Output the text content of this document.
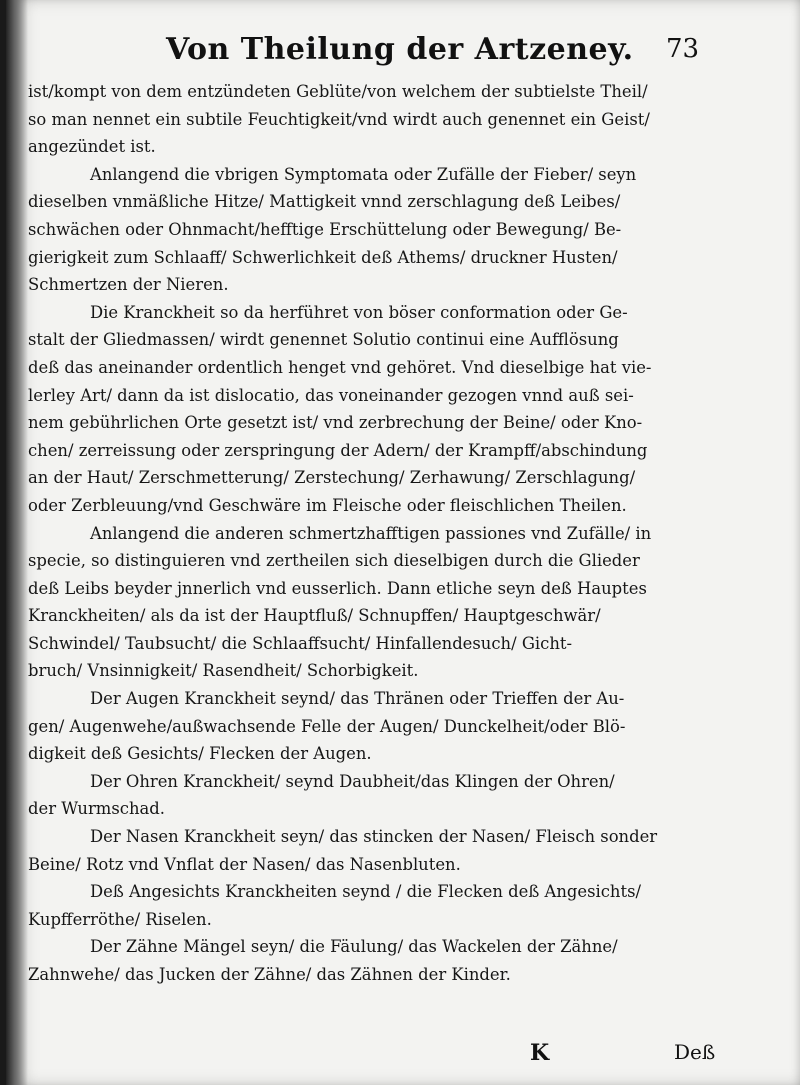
Von Theilung der Artzeney. 73
ist/kompt von dem entzündeten Geblüte/von welchem der subtielste Theil/
so man nennet ein subtile Feuchtigkeit/vnd wirdt auch genennet ein Geist/
angezündet ist.
Anlangend die vbrigen Symptomata oder Zufälle der Fieber/ seyn
dieselben vnmäßliche Hitze/ Mattigkeit vnnd zerschlagung deß Leibes/
schwächen oder Ohnmacht/hefftige Erschüttelung oder Bewegung/ Be-
gierigkeit zum Schlaaff/ Schwerlichkeit deß Athems/ druckner Husten/
Schmertzen der Nieren.
Die Kranckheit so da herführet von böser conformation oder Ge-
stalt der Gliedmassen/ wirdt genennet Solutio continui eine Aufflösung
deß das aneinander ordentlich henget vnd gehöret. Vnd dieselbige hat vie-
lerley Art/ dann da ist dislocatio, das voneinander gezogen vnnd auß sei-
nem gebührlichen Orte gesetzt ist/ vnd zerbrechung der Beine/ oder Kno-
chen/ zerreissung oder zerspringung der Adern/ der Krampff/abschindung
an der Haut/ Zerschmetterung/ Zerstechung/ Zerhawung/ Zerschlagung/
oder Zerbleuung/vnd Geschwäre im Fleische oder fleischlichen Theilen.
Anlangend die anderen schmertzhafftigen passiones vnd Zufälle/ in
specie, so distinguieren vnd zertheilen sich dieselbigen durch die Glieder
deß Leibs beyder jnnerlich vnd eusserlich. Dann etliche seyn deß Hauptes
Kranckheiten/ als da ist der Hauptfluß/ Schnupffen/ Hauptgeschwär/
Schwindel/ Taubsucht/ die Schlaaffsucht/ Hinfallendesuch/ Gicht-
bruch/ Vnsinnigkeit/ Rasendheit/ Schorbigkeit.
Der Augen Kranckheit seynd/ das Thränen oder Trieffen der Au-
gen/ Augenwehe/außwachsende Felle der Augen/ Dunckelheit/oder Blö-
digkeit deß Gesichts/ Flecken der Augen.
Der Ohren Kranckheit/ seynd Daubheit/das Klingen der Ohren/
der Wurmschad.
Der Nasen Kranckheit seyn/ das stincken der Nasen/ Fleisch sonder
Beine/ Rotz vnd Vnflat der Nasen/ das Nasenbluten.
Deß Angesichts Kranckheiten seynd / die Flecken deß Angesichts/
Kupfferröthe/ Riselen.
Der Zähne Mängel seyn/ die Fäulung/ das Wackelen der Zähne/
Zahnwehe/ das Jucken der Zähne/ das Zähnen der Kinder.
K	Deß
